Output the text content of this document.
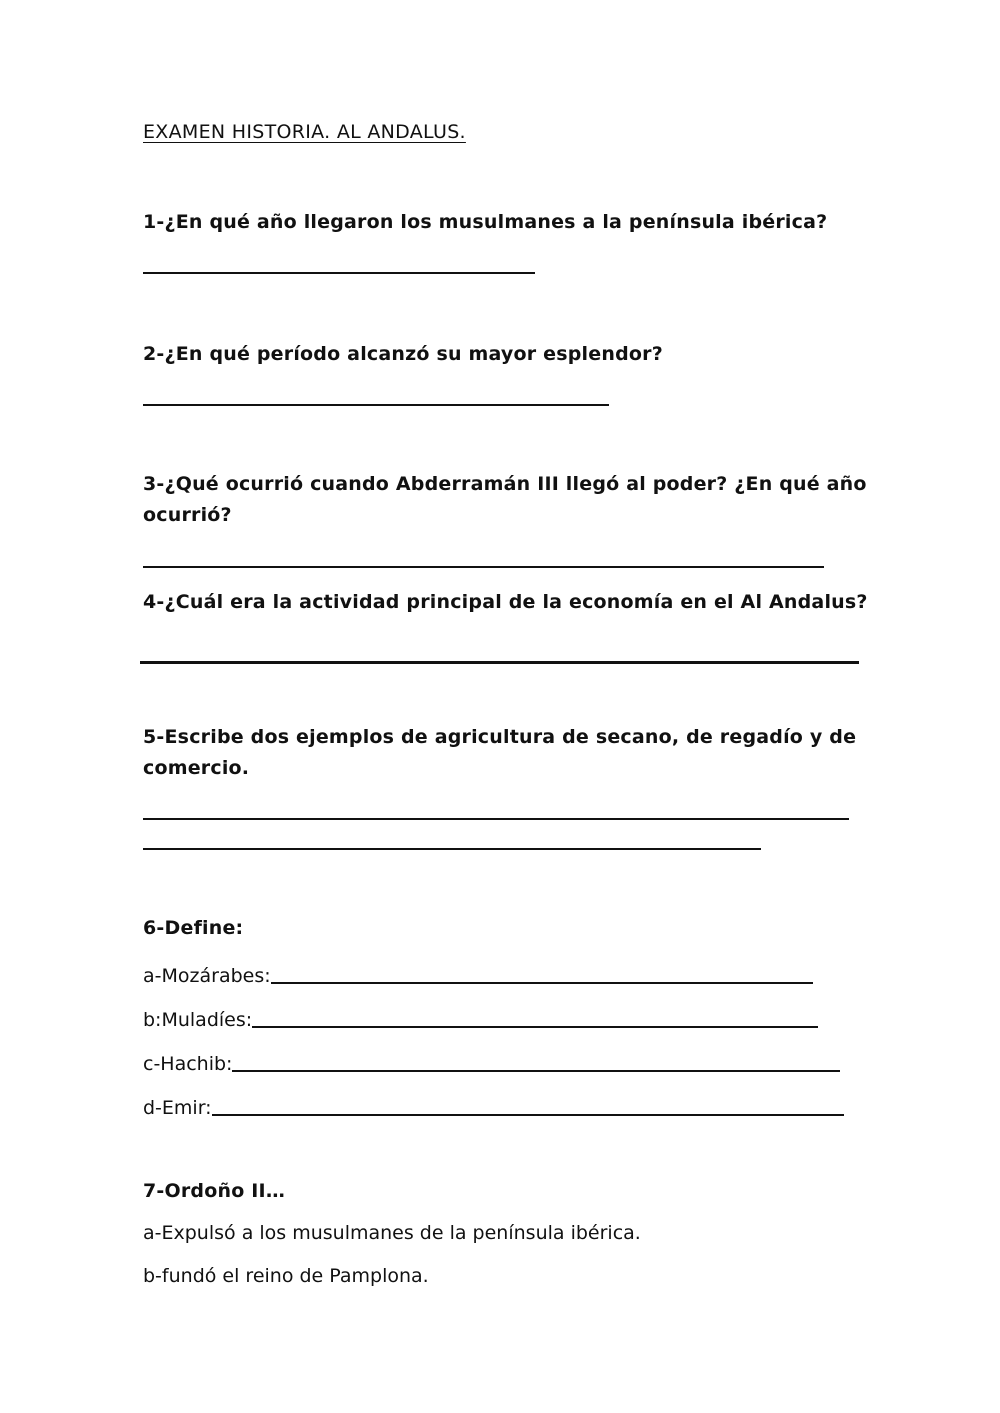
EXAMEN HISTORIA. AL ANDALUS.
1-¿En qué año llegaron los musulmanes a la península ibérica?
2-¿En qué período alcanzó su mayor esplendor?
3-¿Qué ocurrió cuando Abderramán III llegó al poder? ¿En qué año
ocurrió?
4-¿Cuál era la actividad principal de la economía en el Al Andalus?
5-Escribe dos ejemplos de agricultura de secano, de regadío y de
comercio.
6-Define:
a-Mozárabes:
b:Muladíes:
c-Hachib:
d-Emir:
7-Ordoño II…
a-Expulsó a los musulmanes de la península ibérica.
b-fundó el reino de Pamplona.
